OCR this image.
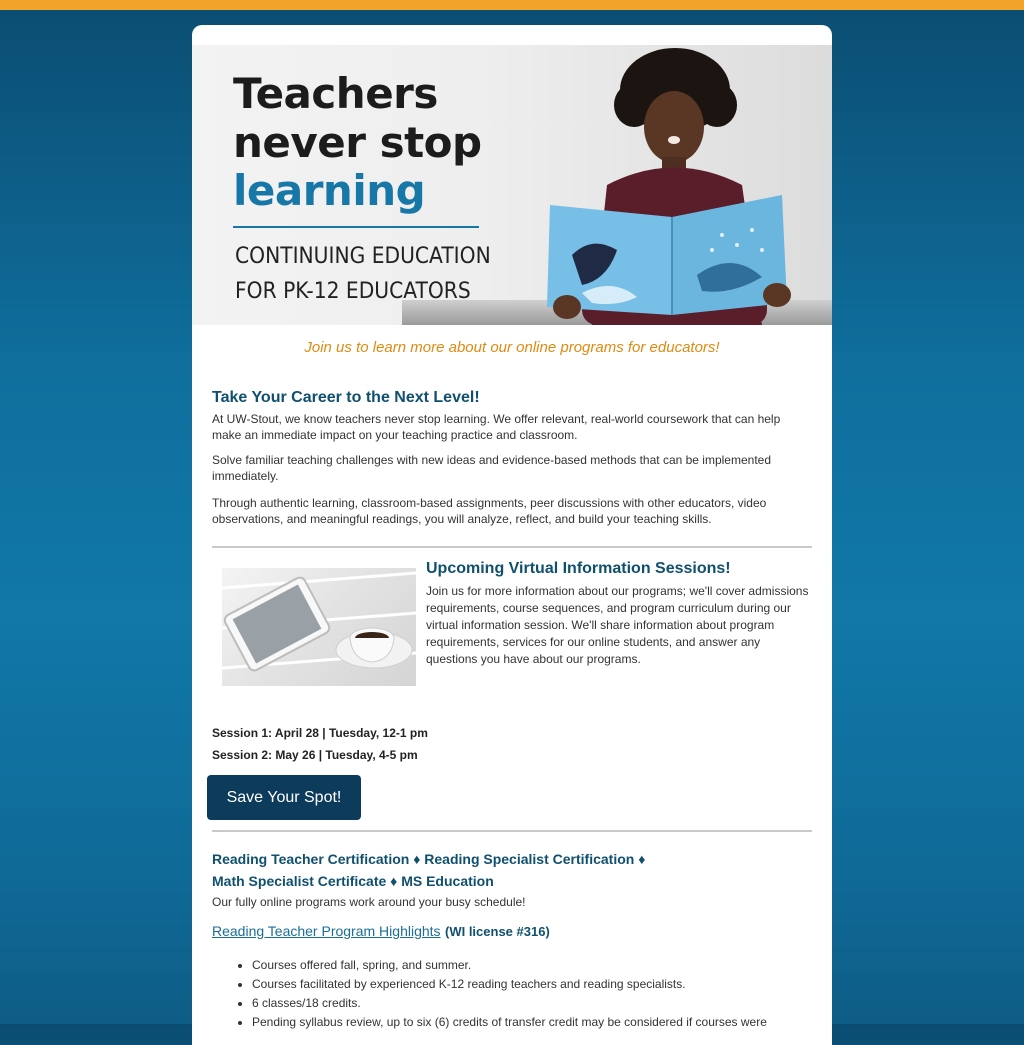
Teachers
never stop
learning
CONTINUING EDUCATION
FOR PK-12 EDUCATORS
Join us to learn more about our online programs for educators!
Take Your Career to the Next Level!
At UW-Stout, we know teachers never stop learning. We offer relevant, real-world coursework that can help make an immediate impact on your teaching practice and classroom.
Solve familiar teaching challenges with new ideas and evidence-based methods that can be implemented immediately.
Through authentic learning, classroom-based assignments, peer discussions with other educators, video observations, and meaningful readings, you will analyze, reflect, and build your teaching skills.
Upcoming Virtual Information Sessions!
Join us for more information about our programs; we'll cover admissions requirements, course sequences, and program curriculum during our virtual information session. We'll share information about program requirements, services for our online students, and answer any questions you have about our programs.
Session 1: April 28 | Tuesday, 12-1 pm
Session 2: May 26 | Tuesday, 4-5 pm
Save Your Spot!
Reading Teacher Certification ♦ Reading Specialist Certification ♦
Math Specialist Certificate ♦ MS Education
Our fully online programs work around your busy schedule!
Reading Teacher Program Highlights (WI license #316)
• Courses offered fall, spring, and summer.
• Courses facilitated by experienced K-12 reading teachers and reading specialists.
• 6 classes/18 credits.
• Pending syllabus review, up to six (6) credits of transfer credit may be considered if courses were
